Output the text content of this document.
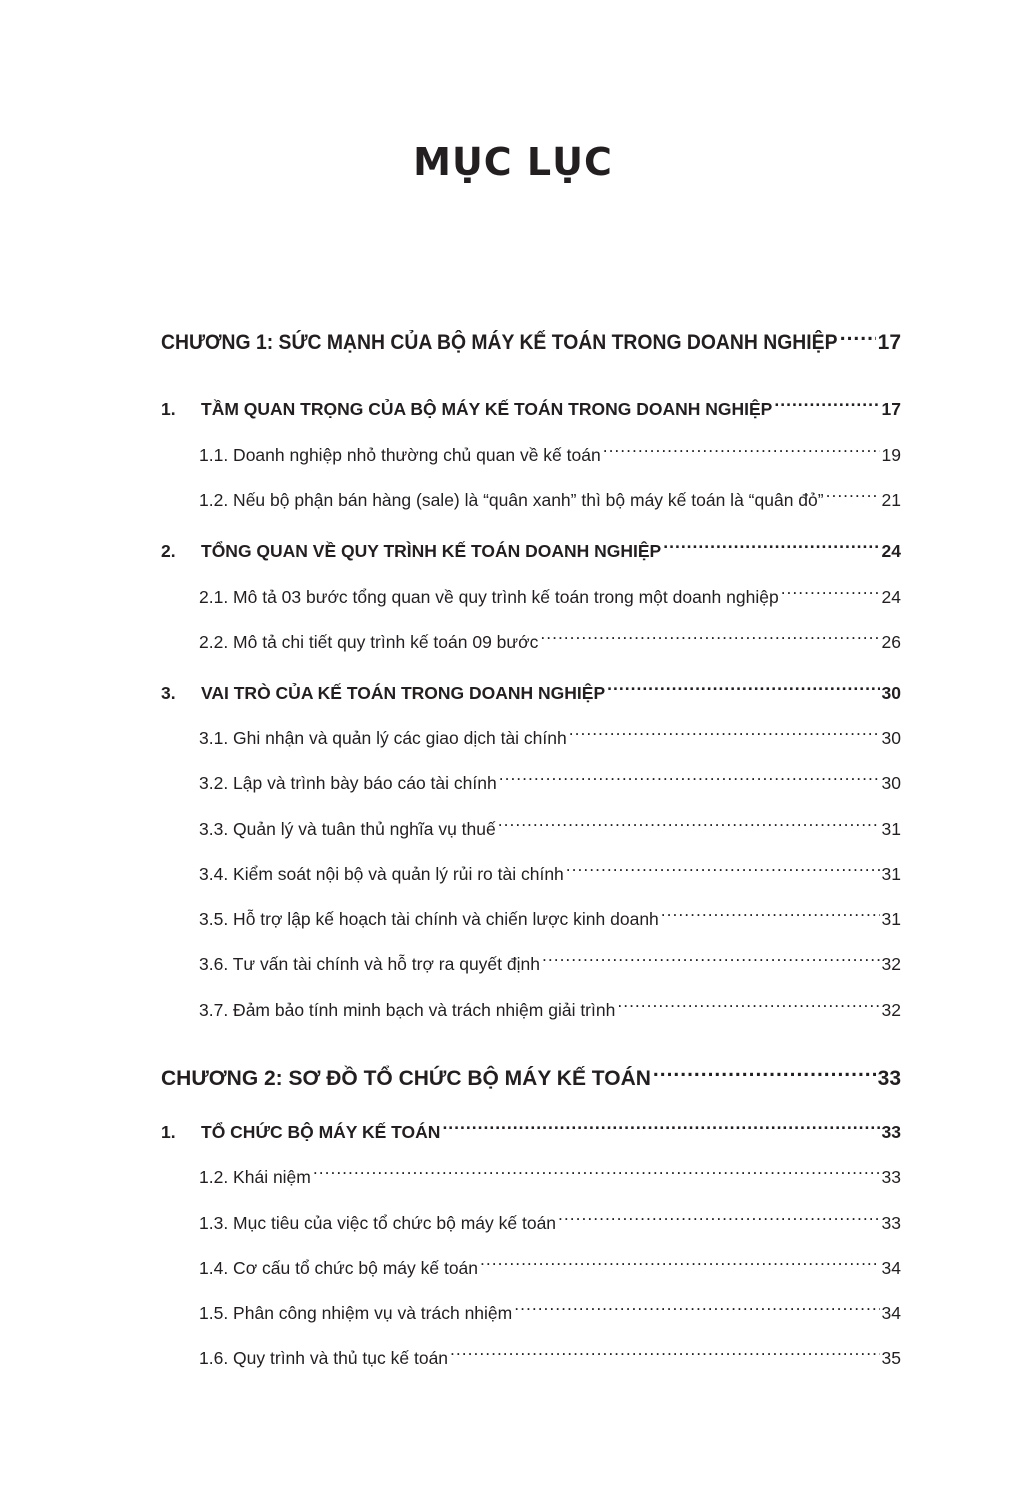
MỤC LỤC
CHƯƠNG 1: SỨC MẠNH CỦA BỘ MÁY KẾ TOÁN TRONG DOANH NGHIỆP ..... 17
1.	TẦM QUAN TRỌNG CỦA BỘ MÁY KẾ TOÁN TRONG DOANH NGHIỆP .....	17
1.1. Doanh nghiệp nhỏ thường chủ quan về kế toán .....	19
1.2. Nếu bộ phận bán hàng (sale) là “quân xanh” thì bộ máy kế toán là “quân đỏ” .....	21
2.	TỔNG QUAN VỀ QUY TRÌNH KẾ TOÁN DOANH NGHIỆP .....	24
2.1. Mô tả 03 bước tổng quan về quy trình kế toán trong một doanh nghiệp .....	24
2.2. Mô tả chi tiết quy trình kế toán 09 bước .....	26
3.	VAI TRÒ CỦA KẾ TOÁN TRONG DOANH NGHIỆP .....	30
3.1. Ghi nhận và quản lý các giao dịch tài chính .....	30
3.2. Lập và trình bày báo cáo tài chính .....	30
3.3. Quản lý và tuân thủ nghĩa vụ thuế .....	31
3.4. Kiểm soát nội bộ và quản lý rủi ro tài chính .....	31
3.5. Hỗ trợ lập kế hoạch tài chính và chiến lược kinh doanh .....	31
3.6. Tư vấn tài chính và hỗ trợ ra quyết định .....	32
3.7. Đảm bảo tính minh bạch và trách nhiệm giải trình .....	32
CHƯƠNG 2: SƠ ĐỒ TỔ CHỨC BỘ MÁY KẾ TOÁN .....	33
1.	TỔ CHỨC BỘ MÁY KẾ TOÁN .....	33
1.2. Khái niệm .....	33
1.3. Mục tiêu của việc tổ chức bộ máy kế toán .....	33
1.4. Cơ cấu tổ chức bộ máy kế toán .....	34
1.5. Phân công nhiệm vụ và trách nhiệm .....	34
1.6. Quy trình và thủ tục kế toán .....	35
